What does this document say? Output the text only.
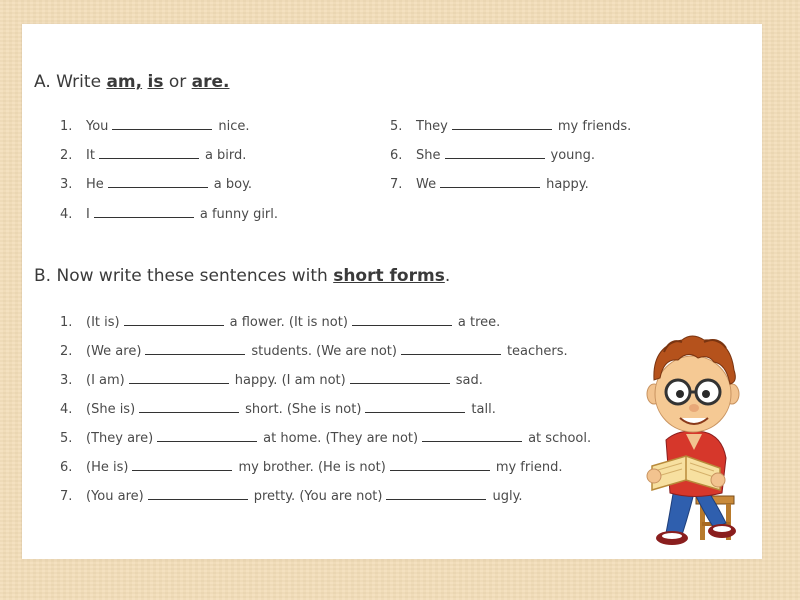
A. Write am, is or are.
1. You	nice.
2. It	a bird.
3. He	a boy.
4. I	a funny girl.
5. They	my friends.
6. She	young.
7. We	happy.
B. Now write these sentences with short forms.
1. (It is)	a flower. (It is not)	a tree.
2. (We are)	students. (We are not)	teachers.
3. (I am)	happy. (I am not)	sad.
4. (She is)	short. (She is not)	tall.
5. (They are)	at home. (They are not)	at school.
6. (He is)	my brother. (He is not)	my friend.
7. (You are)	pretty. (You are not)	ugly.
